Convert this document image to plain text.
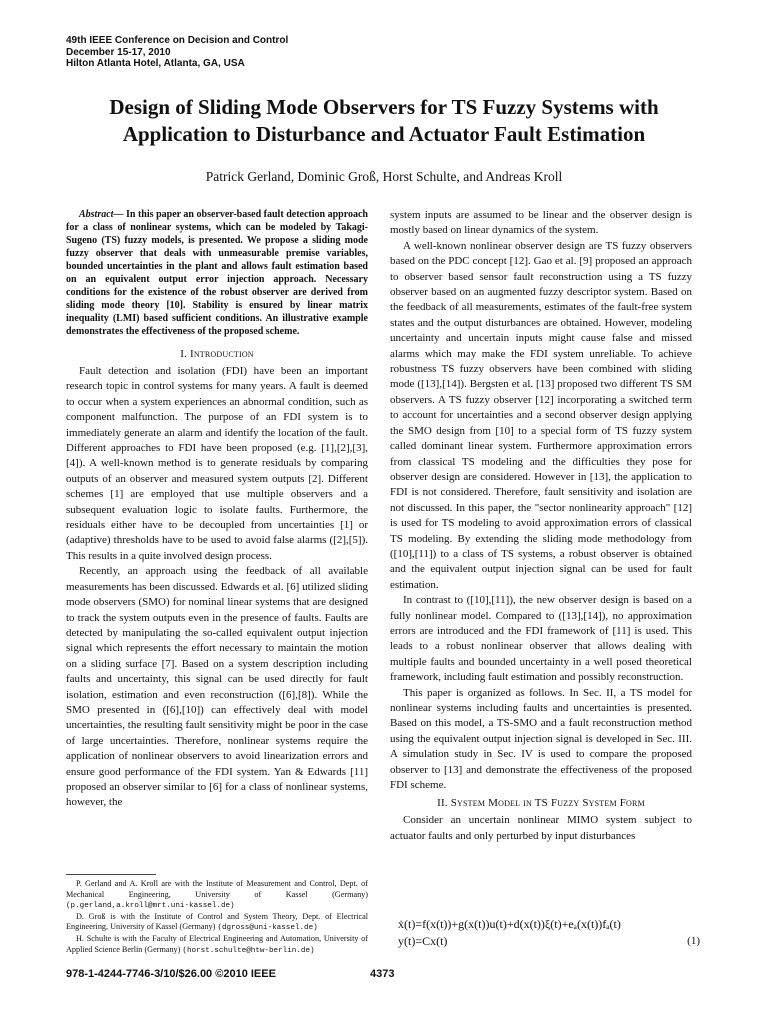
49th IEEE Conference on Decision and Control
December 15-17, 2010
Hilton Atlanta Hotel, Atlanta, GA, USA
Design of Sliding Mode Observers for TS Fuzzy Systems with
Application to Disturbance and Actuator Fault Estimation
Patrick Gerland, Dominic Groß, Horst Schulte, and Andreas Kroll

Abstract— In this paper an observer-based fault detection approach for a class of nonlinear systems, which can be modeled by Takagi-Sugeno (TS) fuzzy models, is presented. We propose a sliding mode fuzzy observer that deals with unmeasurable premise variables, bounded uncertainties in the plant and allows fault estimation based on an equivalent output error injection approach. Necessary conditions for the existence of the robust observer are derived from sliding mode theory [10]. Stability is ensured by linear matrix inequality (LMI) based sufficient conditions. An illustrative example demonstrates the effectiveness of the proposed scheme.

I. Introduction

Fault detection and isolation (FDI) have been an important research topic in control systems for many years. A fault is deemed to occur when a system experiences an abnormal condition, such as component malfunction. The purpose of an FDI system is to immediately generate an alarm and identify the location of the fault. Different approaches to FDI have been proposed (e.g. [1],[2],[3],[4]). A well-known method is to generate residuals by comparing outputs of an observer and measured system outputs [2]. Different schemes [1] are employed that use multiple observers and a subsequent evaluation logic to isolate faults. Furthermore, the residuals either have to be decoupled from uncertainties [1] or (adaptive) thresholds have to be used to avoid false alarms ([2],[5]). This results in a quite involved design process.

Recently, an approach using the feedback of all available measurements has been discussed. Edwards et al. [6] utilized sliding mode observers (SMO) for nominal linear systems that are designed to track the system outputs even in the presence of faults. Faults are detected by manipulating the so-called equivalent output injection signal which represents the effort necessary to maintain the motion on a sliding surface [7]. Based on a system description including faults and uncertainty, this signal can be used directly for fault isolation, estimation and even reconstruction ([6],[8]). While the SMO presented in ([6],[10]) can effectively deal with model uncertainties, the resulting fault sensitivity might be poor in the case of large uncertainties. Therefore, nonlinear systems require the application of nonlinear observers to avoid linearization errors and ensure good performance of the FDI system. Yan & Edwards [11] proposed an observer similar to [6] for a class of nonlinear systems, however, the

P. Gerland and A. Kroll are with the Institute of Measurement and Control, Dept. of Mechanical Engineering, University of Kassel (Germany) (p.gerland,a.kroll@mrt.uni-kassel.de)

D. Groß is with the Institute of Control and System Theory, Dept. of Electrical Engineering, University of Kassel (Germany) (dgross@uni-kassel.de)

H. Schulte is with the Faculty of Electrical Engineering and Automation, University of Applied Science Berlin (Germany) (horst.schulte@htw-berlin.de)

system inputs are assumed to be linear and the observer design is mostly based on linear dynamics of the system.

A well-known nonlinear observer design are TS fuzzy observers based on the PDC concept [12]. Gao et al. [9] proposed an approach to observer based sensor fault reconstruction using a TS fuzzy observer based on an augmented fuzzy descriptor system. Based on the feedback of all measurements, estimates of the fault-free system states and the output disturbances are obtained. However, modeling uncertainty and uncertain inputs might cause false and missed alarms which may make the FDI system unreliable. To achieve robustness TS fuzzy observers have been combined with sliding mode ([13],[14]). Bergsten et al. [13] proposed two different TS SM observers. A TS fuzzy observer [12] incorporating a switched term to account for uncertainties and a second observer design applying the SMO design from [10] to a special form of TS fuzzy system called dominant linear system. Furthermore approximation errors from classical TS modeling and the difficulties they pose for observer design are considered. However in [13], the application to FDI is not considered. Therefore, fault sensitivity and isolation are not discussed. In this paper, the "sector nonlinearity approach" [12] is used for TS modeling to avoid approximation errors of classical TS modeling. By extending the sliding mode methodology from ([10],[11]) to a class of TS systems, a robust observer is obtained and the equivalent output injection signal can be used for fault estimation.

In contrast to ([10],[11]), the new observer design is based on a fully nonlinear model. Compared to ([13],[14]), no approximation errors are introduced and the FDI framework of [11] is used. This leads to a robust nonlinear observer that allows dealing with multiple faults and bounded uncertainty in a well posed theoretical framework, including fault estimation and possibly reconstruction.

This paper is organized as follows. In Sec. II, a TS model for nonlinear systems including faults and uncertainties is presented. Based on this model, a TS-SMO and a fault reconstruction method using the equivalent output injection signal is developed in Sec. III. A simulation study in Sec. IV is used to compare the proposed observer to [13] and demonstrate the effectiveness of the proposed FDI scheme.

II. System Model in TS Fuzzy System Form

Consider an uncertain nonlinear MIMO system subject to actuator faults and only perturbed by input disturbances

ẋ(t)=f(x(t))+g(x(t))u(t)+d(x(t))ξ(t)+eₐ(x(t))fₐ(t)
y(t)=Cx(t)	(1)
978-1-4244-7746-3/10/$26.00 ©2010 IEEE	4373
